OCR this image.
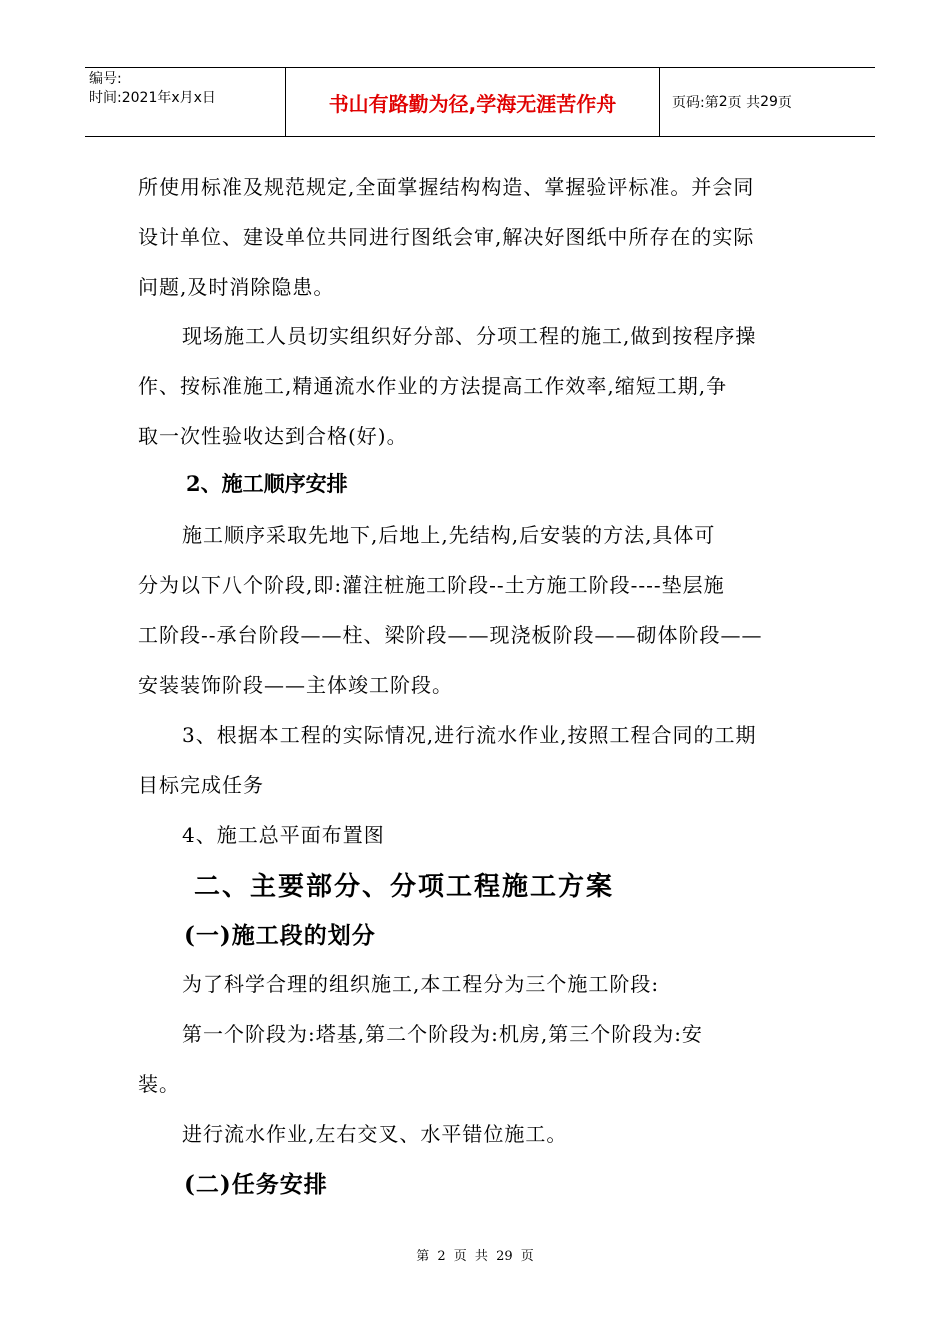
编号:
时间:2021年x月x日	书山有路勤为径,学海无涯苦作舟	页码:第 2 页 共 29 页
所使用标准及规范规定,全面掌握结构构造、掌握验评标准。并会同
设计单位、建设单位共同进行图纸会审,解决好图纸中所存在的实际
问题,及时消除隐患。
现场施工人员切实组织好分部、分项工程的施工,做到按程序操
作、按标准施工,精通流水作业的方法提高工作效率,缩短工期,争
取一次性验收达到合格(好)。
2、施工顺序安排
施工顺序采取先地下,后地上,先结构,后安装的方法,具体可
分为以下八个阶段,即:灌注桩施工阶段--土方施工阶段----垫层施
工阶段--承台阶段——柱、梁阶段——现浇板阶段——砌体阶段——
安装装饰阶段——主体竣工阶段。
3、根据本工程的实际情况,进行流水作业,按照工程合同的工期
目标完成任务
4、施工总平面布置图
二、主要部分、分项工程施工方案
(一)施工段的划分
为了科学合理的组织施工,本工程分为三个施工阶段:
第一个阶段为:塔基,第二个阶段为:机房,第三个阶段为:安
装。
进行流水作业,左右交叉、水平错位施工。
(二)任务安排
第 2 页 共 29 页
